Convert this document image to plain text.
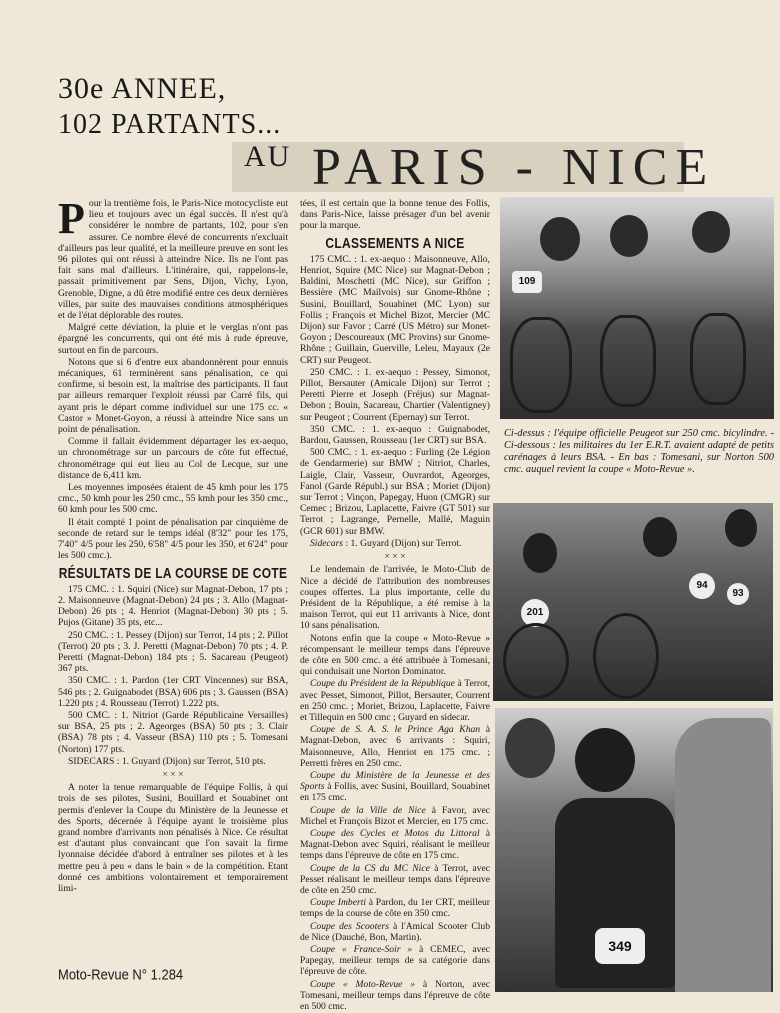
30e ANNEE,
102 PARTANTS...
AU PARIS - NICE

Pour la trentième fois, le Paris-Nice motocycliste eut lieu et toujours avec un égal succès. Il n'est qu'à considérer le nombre de partants, 102, pour s'en assurer. Ce nombre élevé de concurrents n'excluait d'ailleurs pas leur qualité, et la meilleure preuve en sont les 96 pilotes qui ont réussi à atteindre Nice. Ils ne l'ont pas fait sans mal d'ailleurs. L'itinéraire, qui, rappelons-le, passait primitivement par Sens, Dijon, Vichy, Lyon, Grenoble, Digne, a dû être modifié entre ces deux dernières villes, par suite des mauvaises conditions atmosphériques et de l'état déplorable des routes.

Malgré cette déviation, la pluie et le verglas n'ont pas épargné les concurrents, qui ont été mis à rude épreuve, surtout en fin de parcours.

Notons que si 6 d'entre eux abandonnèrent pour ennuis mécaniques, 61 terminèrent sans pénalisation, ce qui confirme, si besoin est, la maîtrise des participants. Il faut par ailleurs remarquer l'exploit réussi par Carré fils, qui ayant pris le départ comme individuel sur une 175 cc. « Castor » Monet-Goyon, a réussi à atteindre Nice sans un point de pénalisation.

Comme il fallait évidemment départager les ex-aequo, un chronométrage sur un parcours de côte fut effectué, chronométrage qui eut lieu au Col de Lecque, sur une distance de 6,411 km.

Les moyennes imposées étaient de 45 kmh pour les 175 cmc., 50 kmh pour les 250 cmc., 55 kmh pour les 350 cmc., 60 kmh pour les 500 cmc.

Il était compté 1 point de pénalisation par cinquième de seconde de retard sur le temps idéal (8'32" pour les 175, 7'40" 4/5 pour les 250, 6'58" 4/5 pour les 350, et 6'24" pour les 500 cmc.).

RÉSULTATS DE LA COURSE DE COTE

175 CMC. : 1. Squiri (Nice) sur Magnat-Debon, 17 pts ; 2. Maisonneuve (Magnat-Debon) 24 pts ; 3. Allo (Magnat-Debon) 26 pts ; 4. Henriot (Magnat-Debon) 30 pts ; 5. Pujos (Gitane) 35 pts, etc...

250 CMC. : 1. Pessey (Dijon) sur Terrot, 14 pts ; 2. Pillot (Terrot) 20 pts ; 3. J. Peretti (Magnat-Debon) 70 pts ; 4. P. Peretti (Magnat-Debon) 184 pts ; 5. Sacareau (Peugeot) 367 pts.

350 CMC. : 1. Pardon (1er CRT Vincennes) sur BSA, 546 pts ; 2. Guignabodet (BSA) 606 pts ; 3. Gaussen (BSA) 1.220 pts ; 4. Rousseau (Terrot) 1.222 pts.

500 CMC. : 1. Nitriot (Garde Républicaine Versailles) sur BSA, 25 pts ; 2. Ageorges (BSA) 50 pts ; 3. Clair (BSA) 78 pts ; 4. Vasseur (BSA) 110 pts ; 5. Tomesani (Norton) 177 pts.

SIDECARS : 1. Guyard (Dijon) sur Terrot, 510 pts.

× × ×

A noter la tenue remarquable de l'équipe Follis, à qui trois de ses pilotes, Susini, Bouillard et Souabinet ont permis d'enlever la Coupe du Ministère de la Jeunesse et des Sports, décernée à l'équipe ayant le troisième plus grand nombre d'arrivants non pénalisés à Nice. Ce résultat est d'autant plus convaincant que l'on savait la firme lyonnaise décidée d'abord à entraîner ses pilotes et à les mettre peu à peu « dans le bain » de la compétition. Etant donné ces ambitions volontairement et temporairement limi-

tées, il est certain que la bonne tenue des Follis, dans Paris-Nice, laisse présager d'un bel avenir pour la marque.

CLASSEMENTS A NICE

175 CMC. : 1. ex-aequo : Maisonneuve, Allo, Henriot, Squire (MC Nice) sur Magnat-Debon ; Baldini, Moschetti (MC Nice), sur Griffon ; Bessière (MC Mailvois) sur Gnome-Rhône ; Susini, Bouillard, Souabinet (MC Lyon) sur Follis ; François et Michel Bizot, Mercier (MC Dijon) sur Favor ; Carré (US Métro) sur Monet-Goyon ; Descoureaux (MC Provins) sur Gnome-Rhône ; Guillain, Guerville, Leleu, Mayaux (2e CRT) sur Peugeot.

250 CMC. : 1. ex-aequo : Pessey, Simonot, Pillot, Bersauter (Amicale Dijon) sur Terrot ; Peretti Pierre et Joseph (Fréjus) sur Magnat-Debon ; Bouin, Sacareau, Chartier (Valentigney) sur Peugeot ; Courrent (Epernay) sur Terrot.

350 CMC. : 1. ex-aequo : Guignabodet, Bardou, Gaussen, Rousseau (1er CRT) sur BSA.

500 CMC. : 1. ex-aequo : Furling (2e Légion de Gendarmerie) sur BMW ; Nitriot, Charles, Laigle, Clair, Vasseur, Ouvrardot, Ageorges, Fanol (Garde Républ.) sur BSA ; Moriet (Dijon) sur Terrot ; Vinçon, Papegay, Huon (CMGR) sur Cemec ; Brizou, Laplacette, Faivre (GT 501) sur Terrot ; Lagrange, Pernelle, Mallé, Maguin (GCR 601) sur BMW.

Sidecars : 1. Guyard (Dijon) sur Terrot.

× × ×

Le lendemain de l'arrivée, le Moto-Club de Nice a décidé de l'attribution des nombreuses coupes offertes. La plus importante, celle du Président de la République, a été remise à la maison Terrot, qui eut 11 arrivants à Nice, dont 10 sans pénalisation.

Notons enfin que la coupe « Moto-Revue » récompensant le meilleur temps dans l'épreuve de côte en 500 cmc. a été attribuée à Tomesani, qui conduisait une Norton Dominator.

Coupe du Président de la République à Terrot, avec Pesset, Simonot, Pillot, Bersauter, Courrent en 250 cmc. ; Moriet, Brizou, Laplacette, Faivre et Tillequin en 500 cmc ; Guyard en sidecar.

Coupe de S. A. S. le Prince Aga Khan à Magnat-Debon, avec 6 arrivants : Squiri, Maisonneuve, Allo, Henriot en 175 cmc. ; Perretti frères en 250 cmc.

Coupe du Ministère de la Jeunesse et des Sports à Follis, avec Susini, Bouillard, Souabinet en 175 cmc.

Coupe de la Ville de Nice à Favor, avec Michel et François Bizot et Mercier, en 175 cmc.

Coupe des Cycles et Motos du Littoral à Magnat-Debon avec Squiri, réalisant le meilleur temps dans l'épreuve de côte en 175 cmc.

Coupe de la CS du MC Nice à Terrot, avec Pesset réalisant le meilleur temps dans l'épreuve de côte en 250 cmc.

Coupe Imberti à Pardon, du 1er CRT, meilleur temps de la course de côte en 350 cmc.

Coupe des Scooters à l'Amical Scooter Club de Nice (Dauché, Bon, Martin).

Coupe « France-Soir » à CEMEC, avec Papegay, meilleur temps de sa catégorie dans l'épreuve de côte.

Coupe « Moto-Revue » à Norton, avec Tomesani, meilleur temps dans l'épreuve de côte en 500 cmc.

109
Ci-dessus : l'équipe officielle Peugeot sur 250 cmc. bicylindre. - Ci-dessous : les militaires du 1er E.R.T. avaient adapté de petits carénages à leurs BSA. - En bas : Tomesani, sur Norton 500 cmc. auquel revient la coupe « Moto-Revue ».
201
94
93
349
Moto-Revue N° 1.284
